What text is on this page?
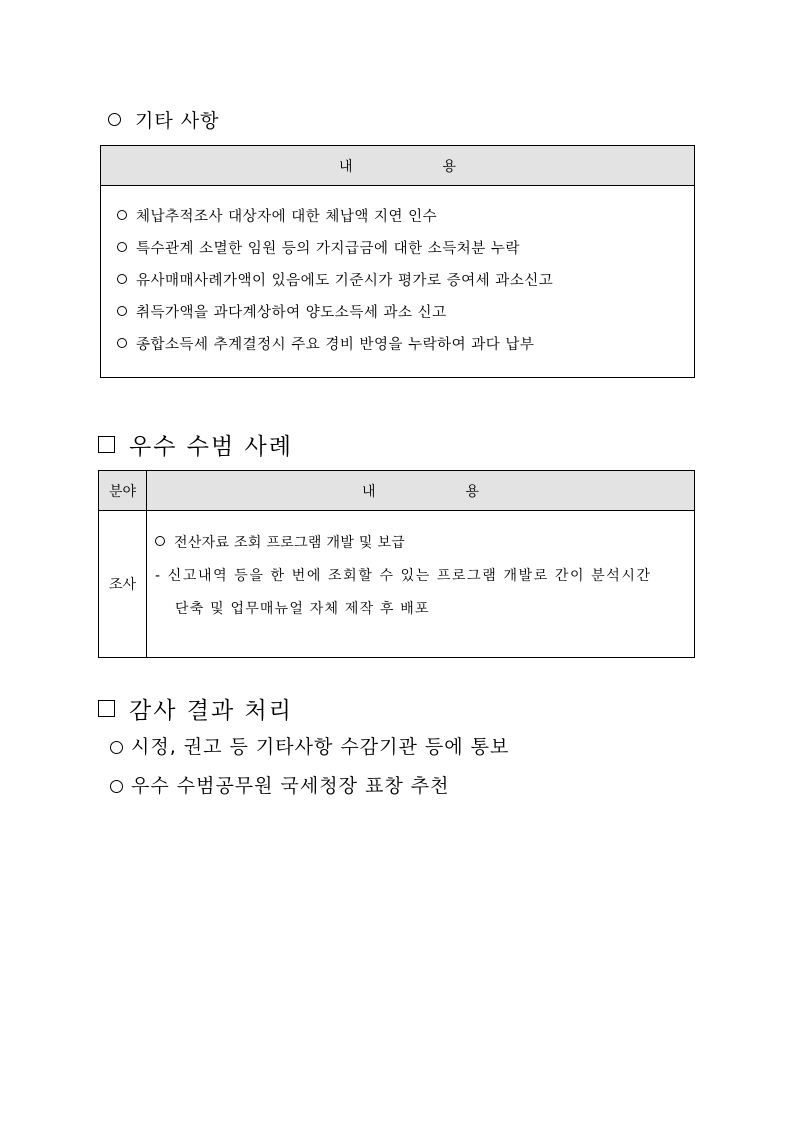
기타 사항
내	용

체납추적조사 대상자에 대한 체납액 지연 인수
특수관계 소멸한 임원 등의 가지급금에 대한 소득처분 누락
유사매매사례가액이 있음에도 기준시가 평가로 증여세 과소신고
취득가액을 과다계상하여 양도소득세 과소 신고
종합소득세 추계결정시 주요 경비 반영을 누락하여 과다 납부
우수 수범 사례
분야	내 용
조사	전산자료 조회 프로그램 개발 및 보급
- 신고내역 등을 한 번에 조회할 수 있는 프로그램 개발로 간이 분석시간
단축 및 업무매뉴얼 자체 제작 후 배포
감사 결과 처리
시정, 권고 등 기타사항 수감기관 등에 통보
우수 수범공무원 국세청장 표창 추천
